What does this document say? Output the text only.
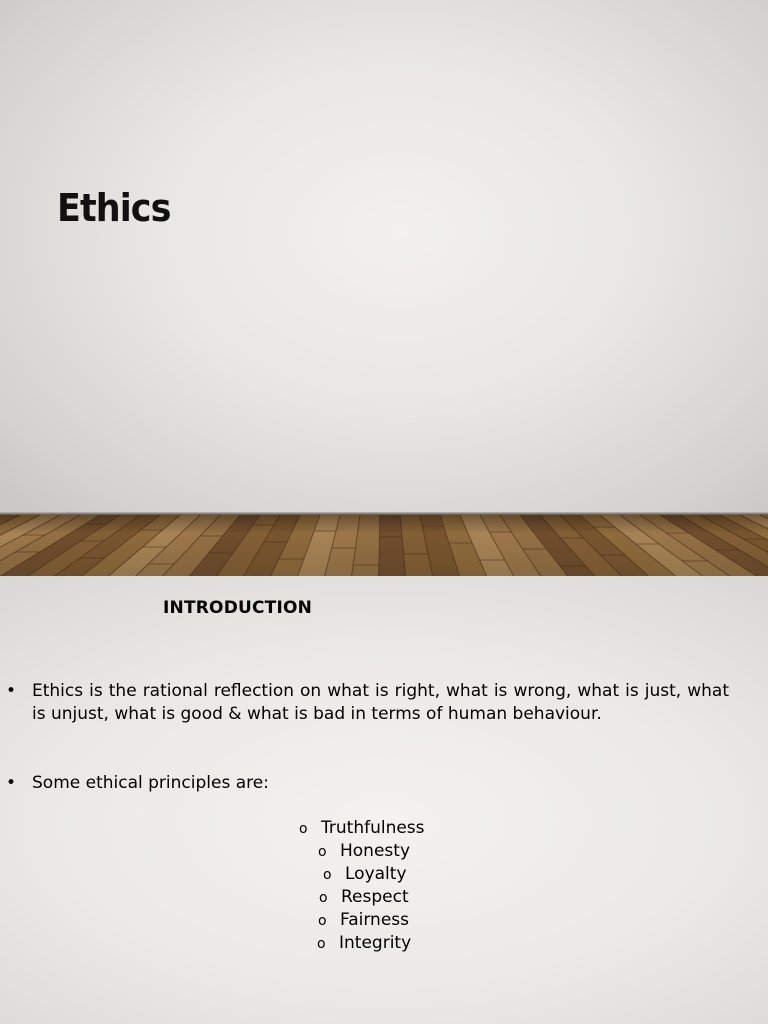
Ethics
INTRODUCTION
• Ethics is the rational reflection on what is right, what is wrong, what is just, what is unjust, what is good & what is bad in terms of human behaviour.
• Some ethical principles are:
o Truthfulness
o Honesty
o Loyalty
o Respect
o Fairness
o Integrity
